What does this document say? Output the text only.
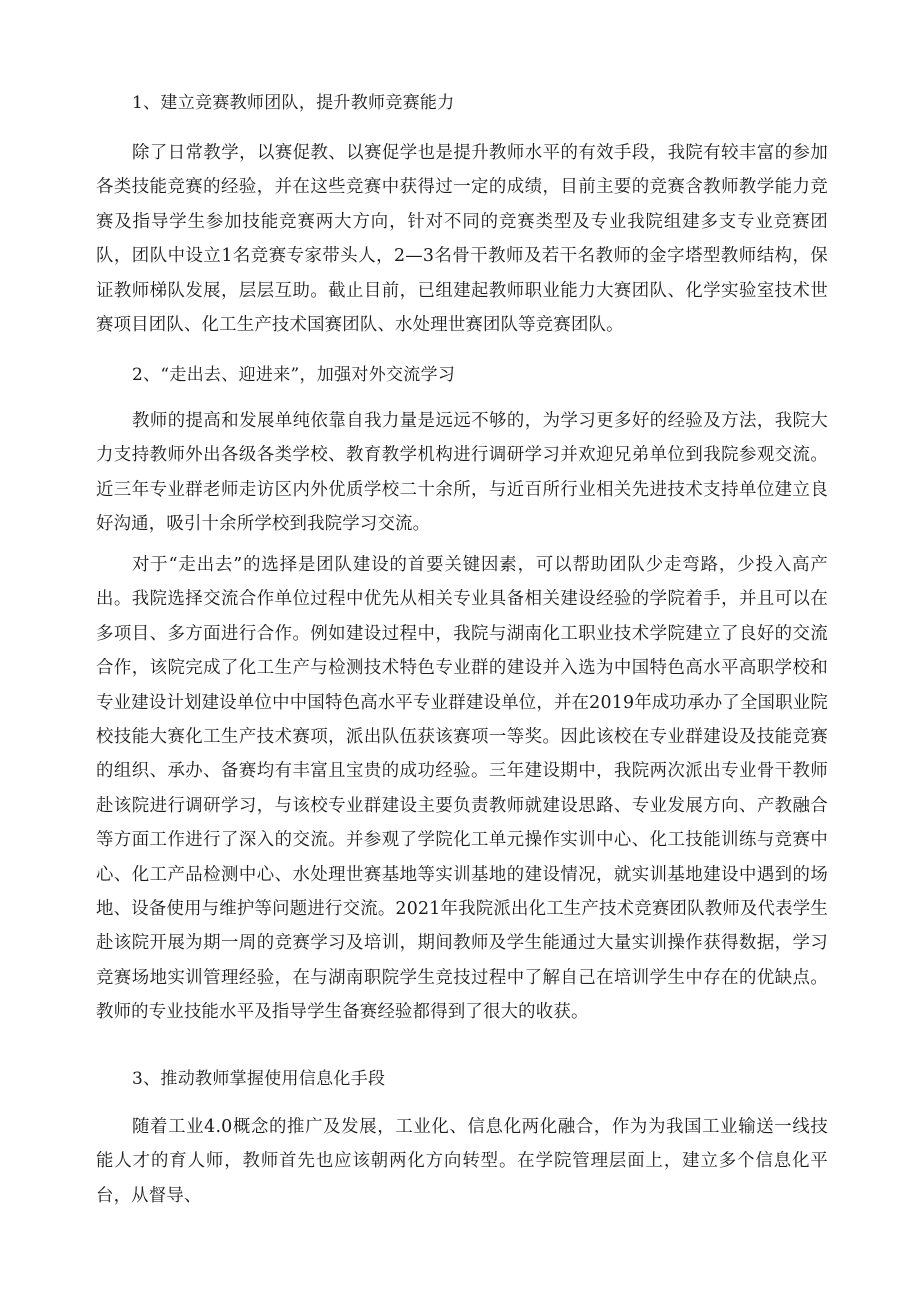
1、建立竞赛教师团队，提升教师竞赛能力
除了日常教学，以赛促教、以赛促学也是提升教师水平的有效手段，我院有较丰富的参加各类技能竞赛的经验，并在这些竞赛中获得过一定的成绩，目前主要的竞赛含教师教学能力竞赛及指导学生参加技能竞赛两大方向，针对不同的竞赛类型及专业我院组建多支专业竞赛团队，团队中设立1名竞赛专家带头人，2—3名骨干教师及若干名教师的金字塔型教师结构，保证教师梯队发展，层层互助。截止目前，已组建起教师职业能力大赛团队、化学实验室技术世赛项目团队、化工生产技术国赛团队、水处理世赛团队等竞赛团队。
2、“走出去、迎进来”，加强对外交流学习
教师的提高和发展单纯依靠自我力量是远远不够的，为学习更多好的经验及方法，我院大力支持教师外出各级各类学校、教育教学机构进行调研学习并欢迎兄弟单位到我院参观交流。近三年专业群老师走访区内外优质学校二十余所，与近百所行业相关先进技术支持单位建立良好沟通，吸引十余所学校到我院学习交流。
对于“走出去”的选择是团队建设的首要关键因素，可以帮助团队少走弯路，少投入高产出。我院选择交流合作单位过程中优先从相关专业具备相关建设经验的学院着手，并且可以在多项目、多方面进行合作。例如建设过程中，我院与湖南化工职业技术学院建立了良好的交流合作，该院完成了化工生产与检测技术特色专业群的建设并入选为中国特色高水平高职学校和专业建设计划建设单位中中国特色高水平专业群建设单位，并在2019年成功承办了全国职业院校技能大赛化工生产技术赛项，派出队伍获该赛项一等奖。因此该校在专业群建设及技能竞赛的组织、承办、备赛均有丰富且宝贵的成功经验。三年建设期中，我院两次派出专业骨干教师赴该院进行调研学习，与该校专业群建设主要负责教师就建设思路、专业发展方向、产教融合等方面工作进行了深入的交流。并参观了学院化工单元操作实训中心、化工技能训练与竞赛中心、化工产品检测中心、水处理世赛基地等实训基地的建设情况，就实训基地建设中遇到的场地、设备使用与维护等问题进行交流。2021年我院派出化工生产技术竞赛团队教师及代表学生赴该院开展为期一周的竞赛学习及培训，期间教师及学生能通过大量实训操作获得数据，学习竞赛场地实训管理经验，在与湖南职院学生竞技过程中了解自己在培训学生中存在的优缺点。教师的专业技能水平及指导学生备赛经验都得到了很大的收获。
3、推动教师掌握使用信息化手段
随着工业4.0概念的推广及发展，工业化、信息化两化融合，作为为我国工业输送一线技能人才的育人师，教师首先也应该朝两化方向转型。在学院管理层面上，建立多个信息化平台，从督导、
